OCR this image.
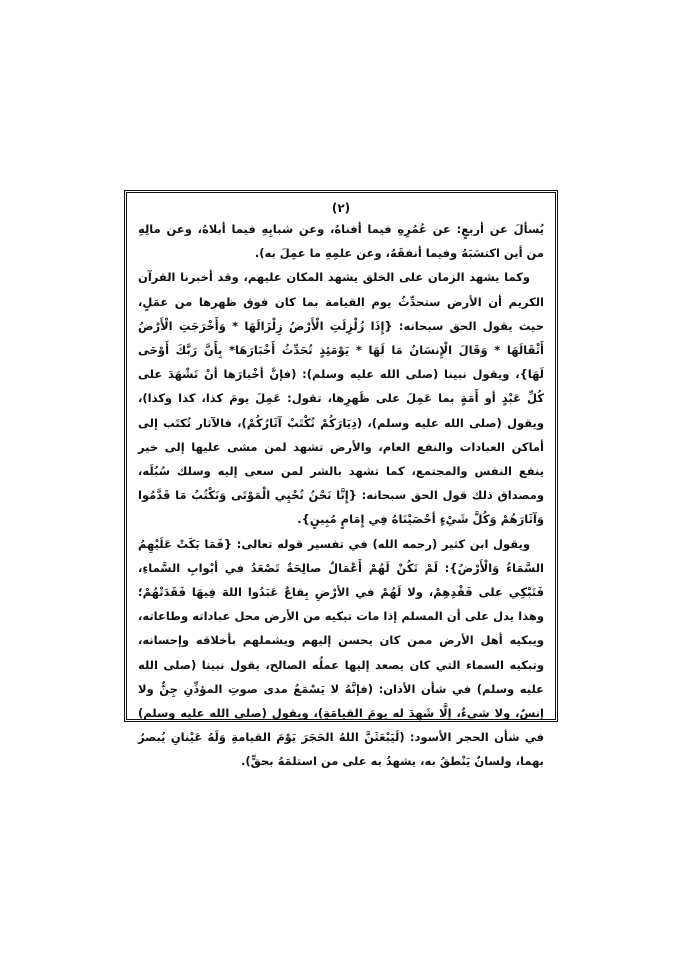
(٢)

يُسألَ عن أربعٍ: عن عُمُرِهِ فيما أفناهُ، وعن شبابِهِ فيما أبلاهُ، وعن مالِهِ من أين اكتسَبَهُ وفيما أنفقَهُ، وعن علمِهِ ما عمِلَ به).

وكما يشهد الزمان على الخلق يشهد المكان عليهم، وقد أخبرنا القرآن الكريم أن الأرض ستحدِّثُ يوم القيامة بما كان فوق ظهرها من عمَلٍ، حيث يقول الحق سبحانه: {إِذَا زُلْزِلَتِ الْأَرْضُ زِلْزَالَهَا * وَأَخْرَجَتِ الْأَرْضُ أَثْقَالَهَا * وَقَالَ الْإِنسَانُ مَا لَهَا * يَوْمَئِذٍ تُحَدِّثُ أَخْبَارَهَا* بِأَنَّ رَبَّكَ أَوْحَى لَهَا}، ويقول نبينا (صلى الله عليه وسلم): (فإنَّ أخْبارَها أنْ تَشْهَدَ على كُلِّ عَبْدٍ أو أَمَةٍ بما عَمِلَ على ظَهرِها، تقول: عَمِلَ يومَ كذا، كذا وكذا)، ويقول (صلى الله عليه وسلم)، (دِيَارَكُمْ تُكْتَبْ آثَارُكُمْ)، فالآثار تُكتَب إلى أماكن العبادات والنفع العام، والأرض تشهد لمن مشى عليها إلى خير ينفع النفس والمجتمع، كما تشهد بالشر لمن سعى إليه وسلك سُبُلَه، ومصداق ذلك قول الحق سبحانه: {إِنَّا نَحْنُ نُحْيِي الْمَوْتَى وَنَكْتُبُ مَا قَدَّمُوا وَآثَارَهُمْ وَكُلَّ شَيْءٍ أحْصَيْنَاهُ فِي إِمَامٍ مُبِينٍ}.

ويقول ابن كثير (رحمه الله) في تفسير قوله تعالى: {فَمَا بَكَتْ عَلَيْهِمُ السَّمَاءُ وَالْأَرْضُ}: لَمْ تَكُنْ لَهُمْ أَعْمَالٌ صالِحَةٌ تَصْعَدُ في أبْوابِ السَّماءِ، فَتَبْكِي على فَقْدِهِمْ، ولا لَهُمْ في الأرْضِ بِقاعٌ عَبَدُوا اللهَ فِيهَا فَقَدَتْهُمْ؛ وهذا يدل على أن المسلم إذا مات تبكيه من الأرض محل عباداته وطاعاته، ويبكيه أهل الأرض ممن كان يحسن إليهم ويشملهم بأخلاقه وإحسانه، وتبكيه السماء التي كان يصعد إليها عملُه الصالح، يقول نبينا (صلى الله عليه وسلم) في شأن الأذان: (فإنَّهُ لا يَسْمَعُ مدى صوتِ المؤذِّنِ جِنٌّ ولا إنسٌ، ولا شيءٌ، إلَّا شَهِدَ له يومَ القيامَةِ)، ويقول (صلى الله عليه وسلم) في شأن الحجر الأسود: (لَيَبْعَثَنَّ اللهُ الحَجَرَ يَوْمَ القيامةِ وَلَهُ عَيْنانِ يُبصرُ بهما، ولسانٌ يَنْطقُ به، يشهدُ به على من استلمَهُ بحقٍّ).
